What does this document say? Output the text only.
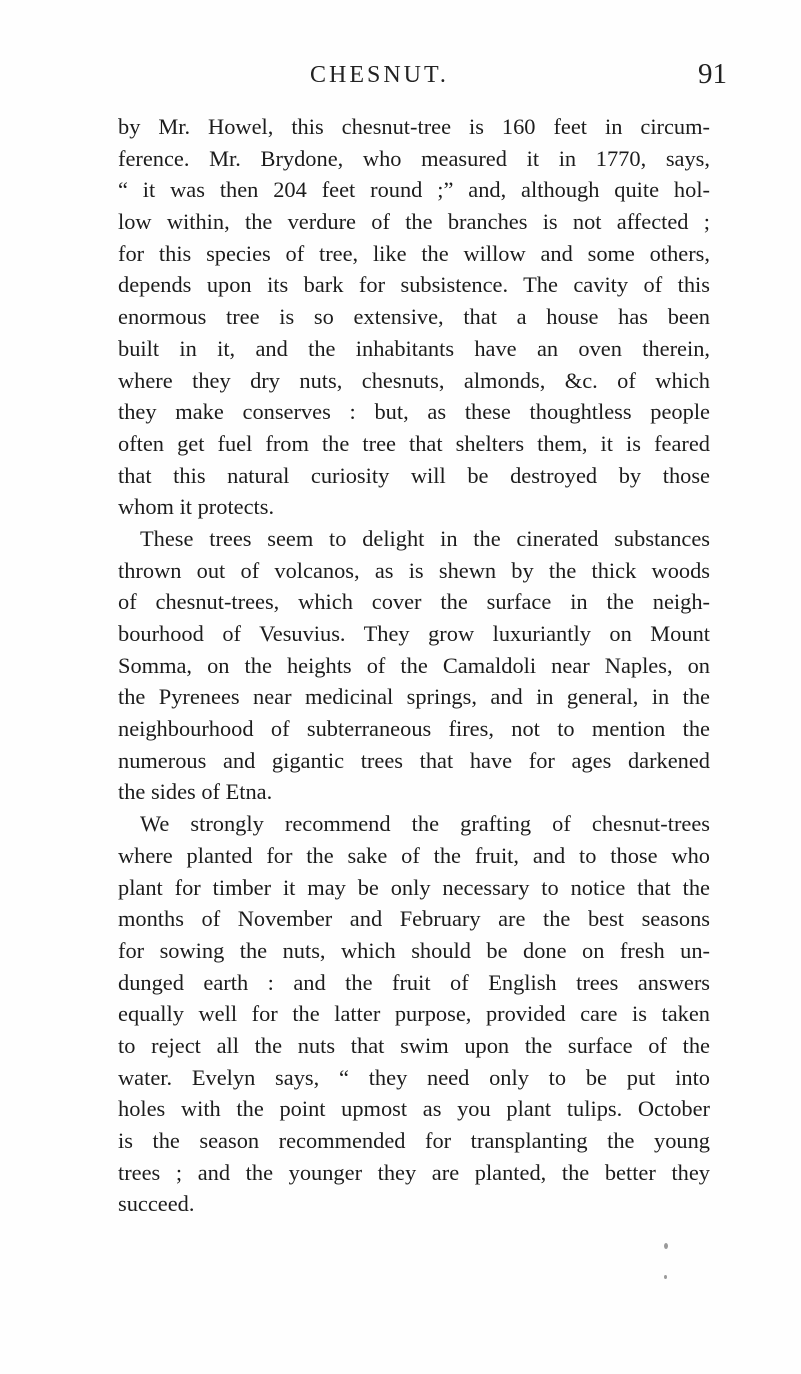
CHESNUT.	91
by Mr. Howel, this chesnut-tree is 160 feet in circum-
ference. Mr. Brydone, who measured it in 1770, says,
“ it was then 204 feet round ;” and, although quite hol-
low within, the verdure of the branches is not affected ;
for this species of tree, like the willow and some others,
depends upon its bark for subsistence. The cavity of this
enormous tree is so extensive, that a house has been
built in it, and the inhabitants have an oven therein,
where they dry nuts, chesnuts, almonds, &c. of which
they make conserves : but, as these thoughtless people
often get fuel from the tree that shelters them, it is feared
that this natural curiosity will be destroyed by those
whom it protects.
These trees seem to delight in the cinerated substances
thrown out of volcanos, as is shewn by the thick woods
of chesnut-trees, which cover the surface in the neigh-
bourhood of Vesuvius. They grow luxuriantly on Mount
Somma, on the heights of the Camaldoli near Naples, on
the Pyrenees near medicinal springs, and in general, in the
neighbourhood of subterraneous fires, not to mention the
numerous and gigantic trees that have for ages darkened
the sides of Etna.
We strongly recommend the grafting of chesnut-trees
where planted for the sake of the fruit, and to those who
plant for timber it may be only necessary to notice that the
months of November and February are the best seasons
for sowing the nuts, which should be done on fresh un-
dunged earth : and the fruit of English trees answers
equally well for the latter purpose, provided care is taken
to reject all the nuts that swim upon the surface of the
water. Evelyn says, “ they need only to be put into
holes with the point upmost as you plant tulips. October
is the season recommended for transplanting the young
trees ; and the younger they are planted, the better they
succeed.
